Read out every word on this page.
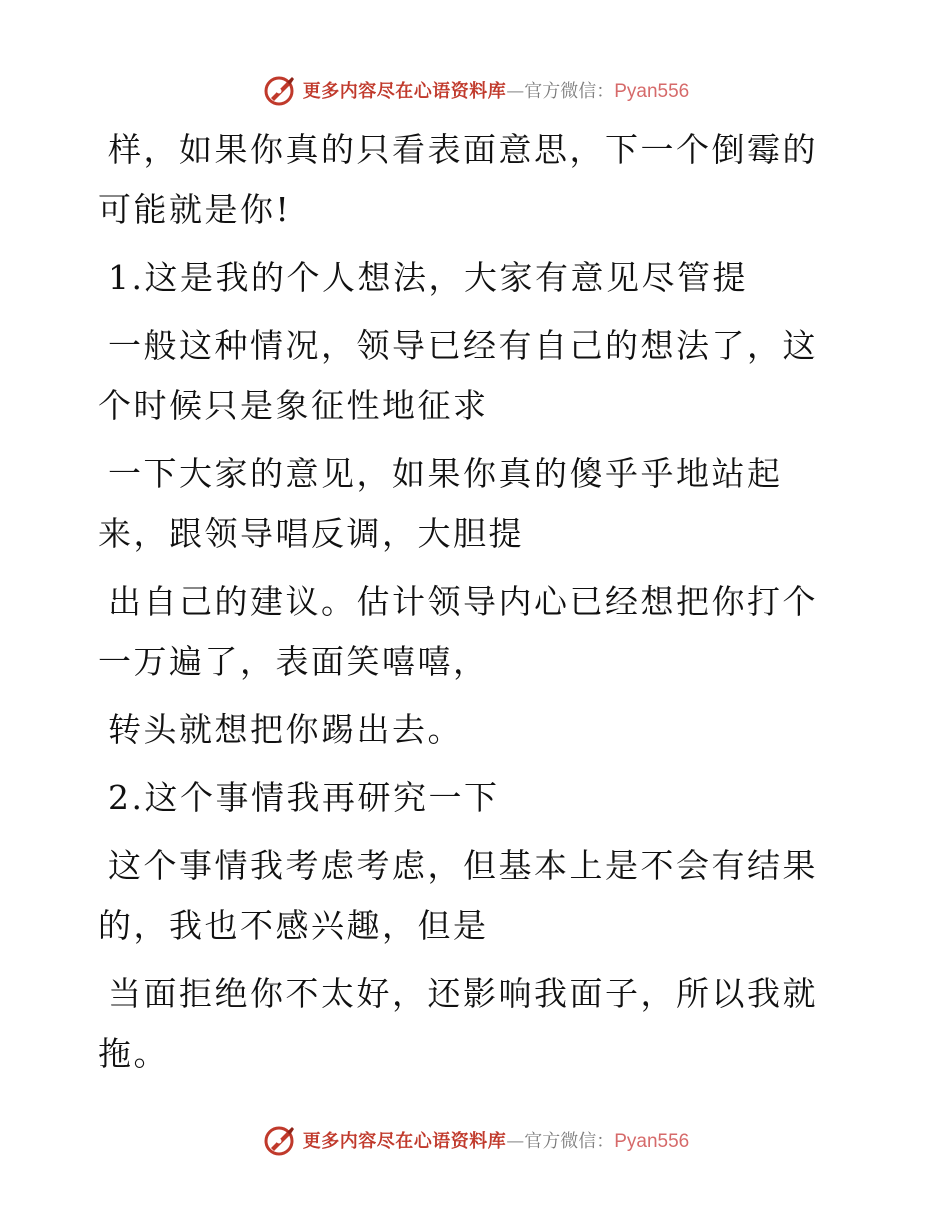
更多内容尽在心语资料库 — 官方微信： Pyan556

样，如果你真的只看表面意思，下一个倒霉的可能就是你!

1.这是我的个人想法，大家有意见尽管提

一般这种情况，领导已经有自己的想法了，这个时候只是象征性地征求

一下大家的意见，如果你真的傻乎乎地站起来，跟领导唱反调，大胆提

出自己的建议。估计领导内心已经想把你打个一万遍了，表面笑嘻嘻，

转头就想把你踢出去。

2.这个事情我再研究一下

这个事情我考虑考虑，但基本上是不会有结果的，我也不感兴趣，但是

当面拒绝你不太好，还影响我面子，所以我就拖。

更多内容尽在心语资料库 — 官方微信： Pyan556
